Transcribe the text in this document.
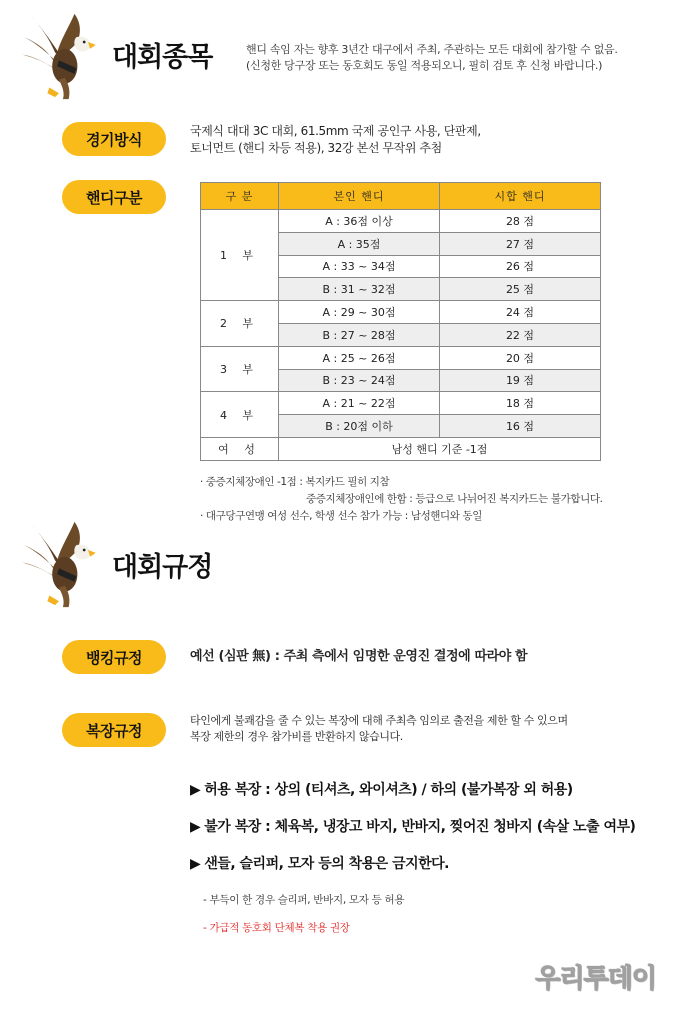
대회종목	핸디 속임 자는 향후 3년간 대구에서 주최, 주관하는 모든 대회에 참가할 수 없음.
(신청한 당구장 또는 동호회도 동일 적용되오니, 필히 검토 후 신청 바랍니다.)
경기방식	국제식 대대 3C 대회, 61.5mm 국제 공인구 사용, 단판제,
토너먼트 (핸디 차등 적용), 32강 본선 무작위 추첨
핸디구분	구 분	본인 핸디	시합 핸디
1 부	A : 36점 이상	28 점
	A : 35점	27 점
	A : 33 ~ 34점	26 점
	B : 31 ~ 32점	25 점
2 부	A : 29 ~ 30점	24 점
	B : 27 ~ 28점	22 점
3 부	A : 25 ~ 26점	20 점
	B : 23 ~ 24점	19 점
4 부	A : 21 ~ 22점	18 점
	B : 20점 이하	16 점
여 성	남성 핸디 기준 -1점	
· 중증지체장애인 -1점 : 복지카드 필히 지참
중증지체장애인에 한함 : 등급으로 나뉘어진 복지카드는 불가합니다.
· 대구당구연맹 여성 선수, 학생 선수 참가 가능 : 남성핸디와 동일
대회규정
뱅킹규정	예선 (심판 無) : 주최 측에서 임명한 운영진 결정에 따라야 함
복장규정
타인에게 불쾌감을 줄 수 있는 복장에 대해 주최측 임의로 출전을 제한 할 수 있으며
복장 제한의 경우 참가비를 반환하지 않습니다.
▶ 허용 복장 : 상의 (티셔츠, 와이셔츠) / 하의 (불가복장 외 허용)
▶ 불가 복장 : 체육복, 냉장고 바지, 반바지, 찢어진 청바지 (속살 노출 여부)
▶ 샌들, 슬리퍼, 모자 등의 착용은 금지한다.
- 부득이 한 경우 슬리퍼, 반바지, 모자 등 허용
- 가급적 동호회 단체복 착용 권장
우리투데이
